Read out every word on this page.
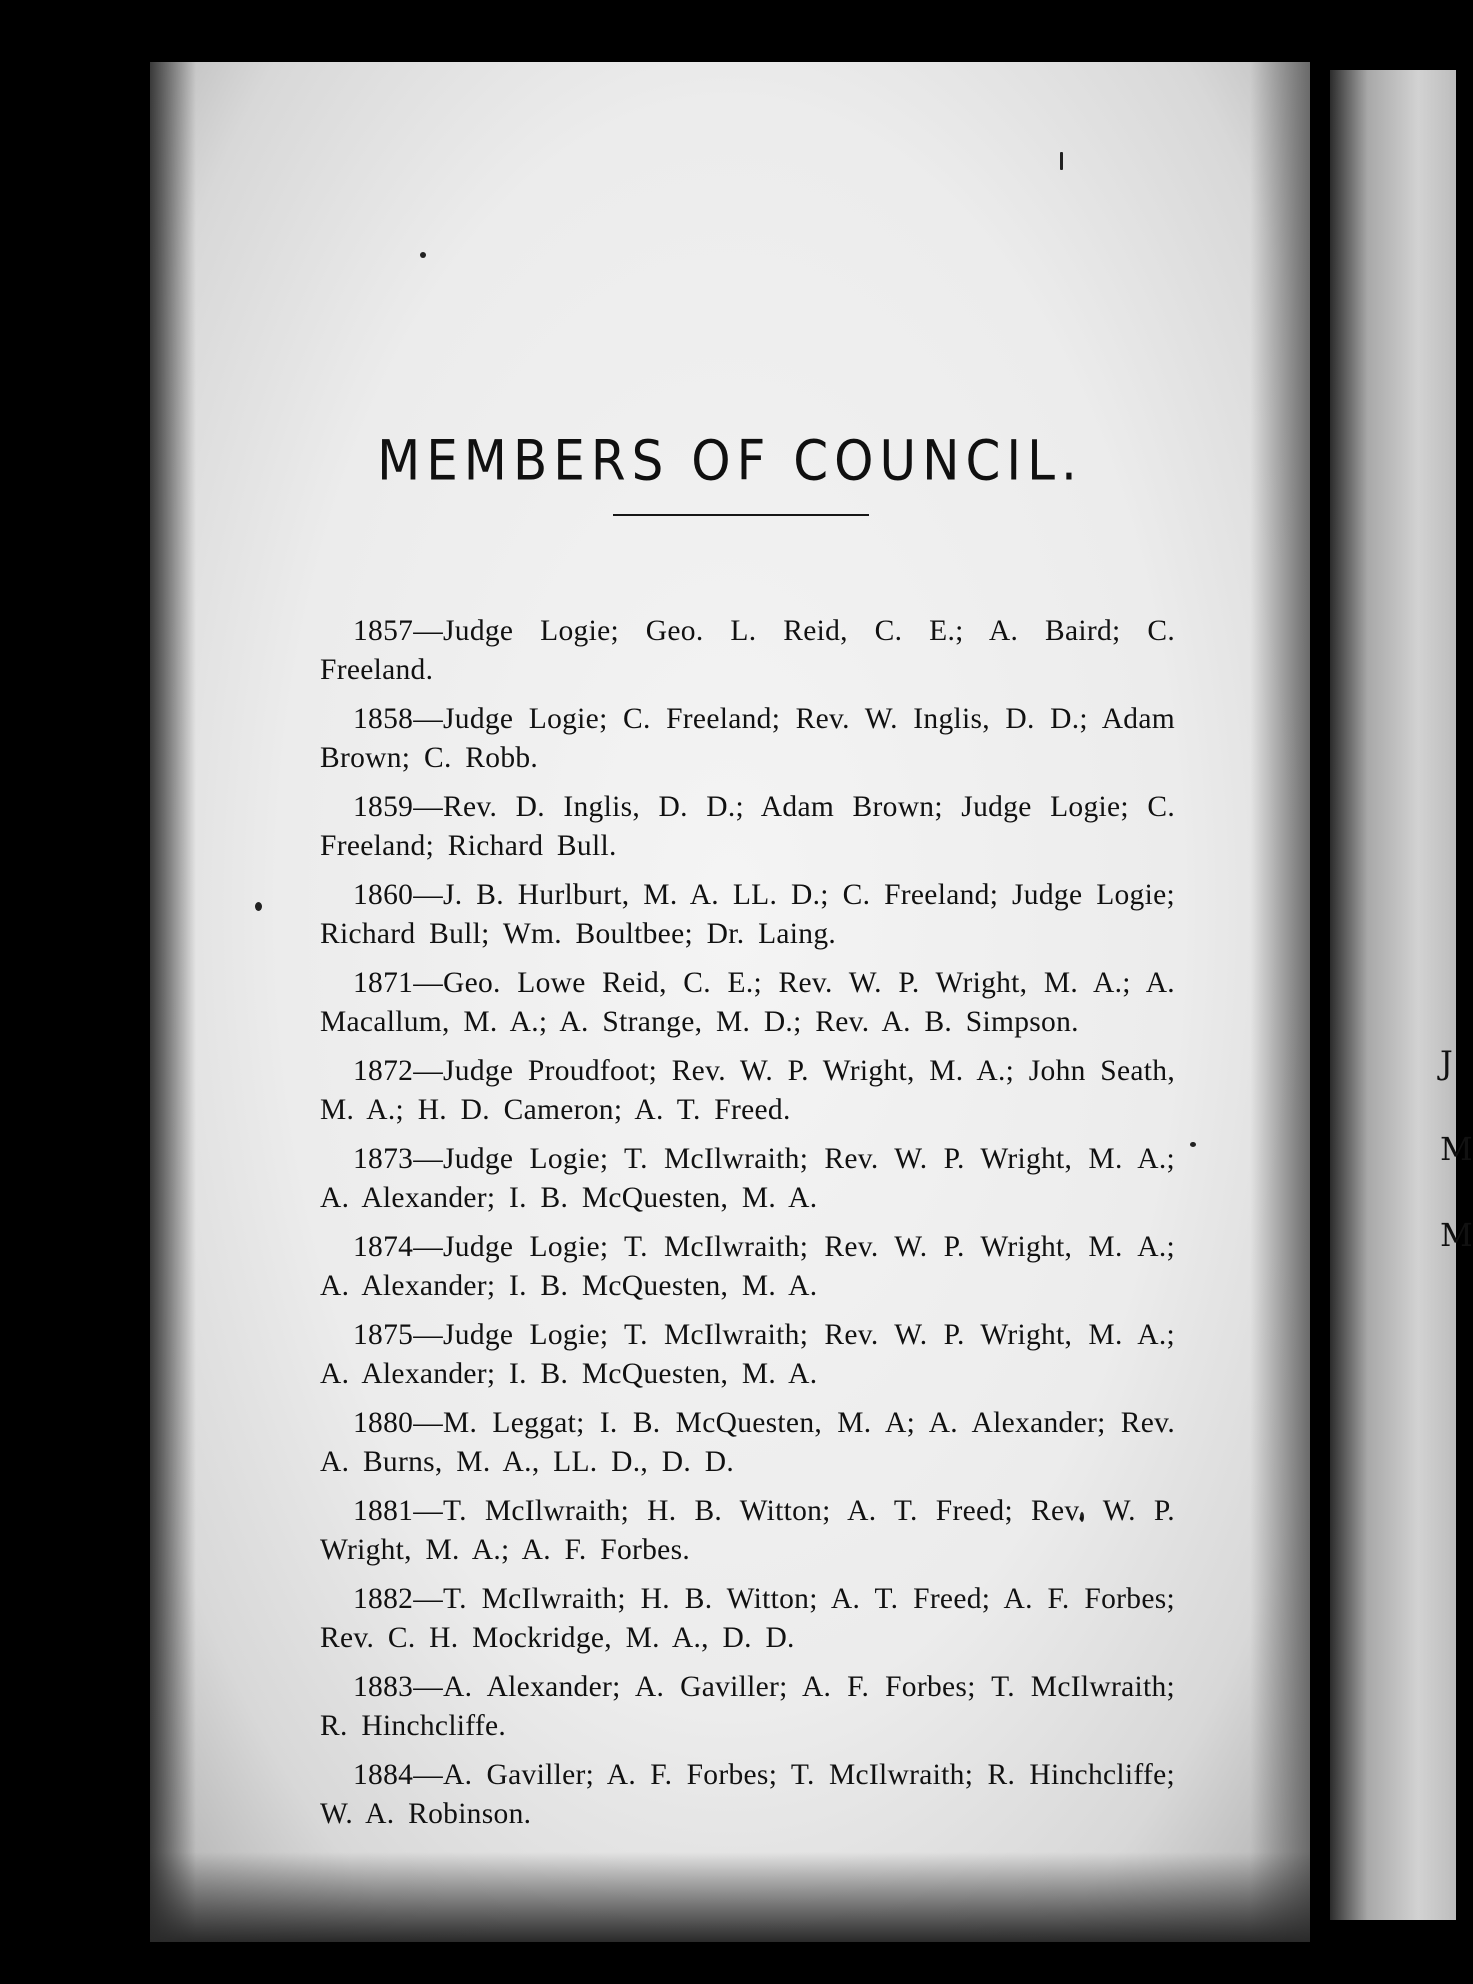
J
M
M
MEMBERS OF COUNCIL.

1857—Judge Logie; Geo. L. Reid, C. E.; A. Baird; C. Freeland.

1858—Judge Logie; C. Freeland; Rev. W. Inglis, D. D.; Adam Brown; C. Robb.

1859—Rev. D. Inglis, D. D.; Adam Brown; Judge Logie; C. Freeland; Richard Bull.

1860—J. B. Hurlburt, M. A. LL. D.; C. Freeland; Judge Logie; Richard Bull; Wm. Boultbee; Dr. Laing.

1871—Geo. Lowe Reid, C. E.; Rev. W. P. Wright, M. A.; A. Macallum, M. A.; A. Strange, M. D.; Rev. A. B. Simpson.

1872—Judge Proudfoot; Rev. W. P. Wright, M. A.; John Seath, M. A.; H. D. Cameron; A. T. Freed.

1873—Judge Logie; T. McIlwraith; Rev. W. P. Wright, M. A.; A. Alexander; I. B. McQuesten, M. A.

1874—Judge Logie; T. McIlwraith; Rev. W. P. Wright, M. A.; A. Alexander; I. B. McQuesten, M. A.

1875—Judge Logie; T. McIlwraith; Rev. W. P. Wright, M. A.; A. Alexander; I. B. McQuesten, M. A.

1880—M. Leggat; I. B. McQuesten, M. A; A. Alexander; Rev. A. Burns, M. A., LL. D., D. D.

1881—T. McIlwraith; H. B. Witton; A. T. Freed; Rev. W. P. Wright, M. A.; A. F. Forbes.

1882—T. McIlwraith; H. B. Witton; A. T. Freed; A. F. Forbes; Rev. C. H. Mockridge, M. A., D. D.

1883—A. Alexander; A. Gaviller; A. F. Forbes; T. McIlwraith; R. Hinchcliffe.

1884—A. Gaviller; A. F. Forbes; T. McIlwraith; R. Hinchcliffe; W. A. Robinson.
